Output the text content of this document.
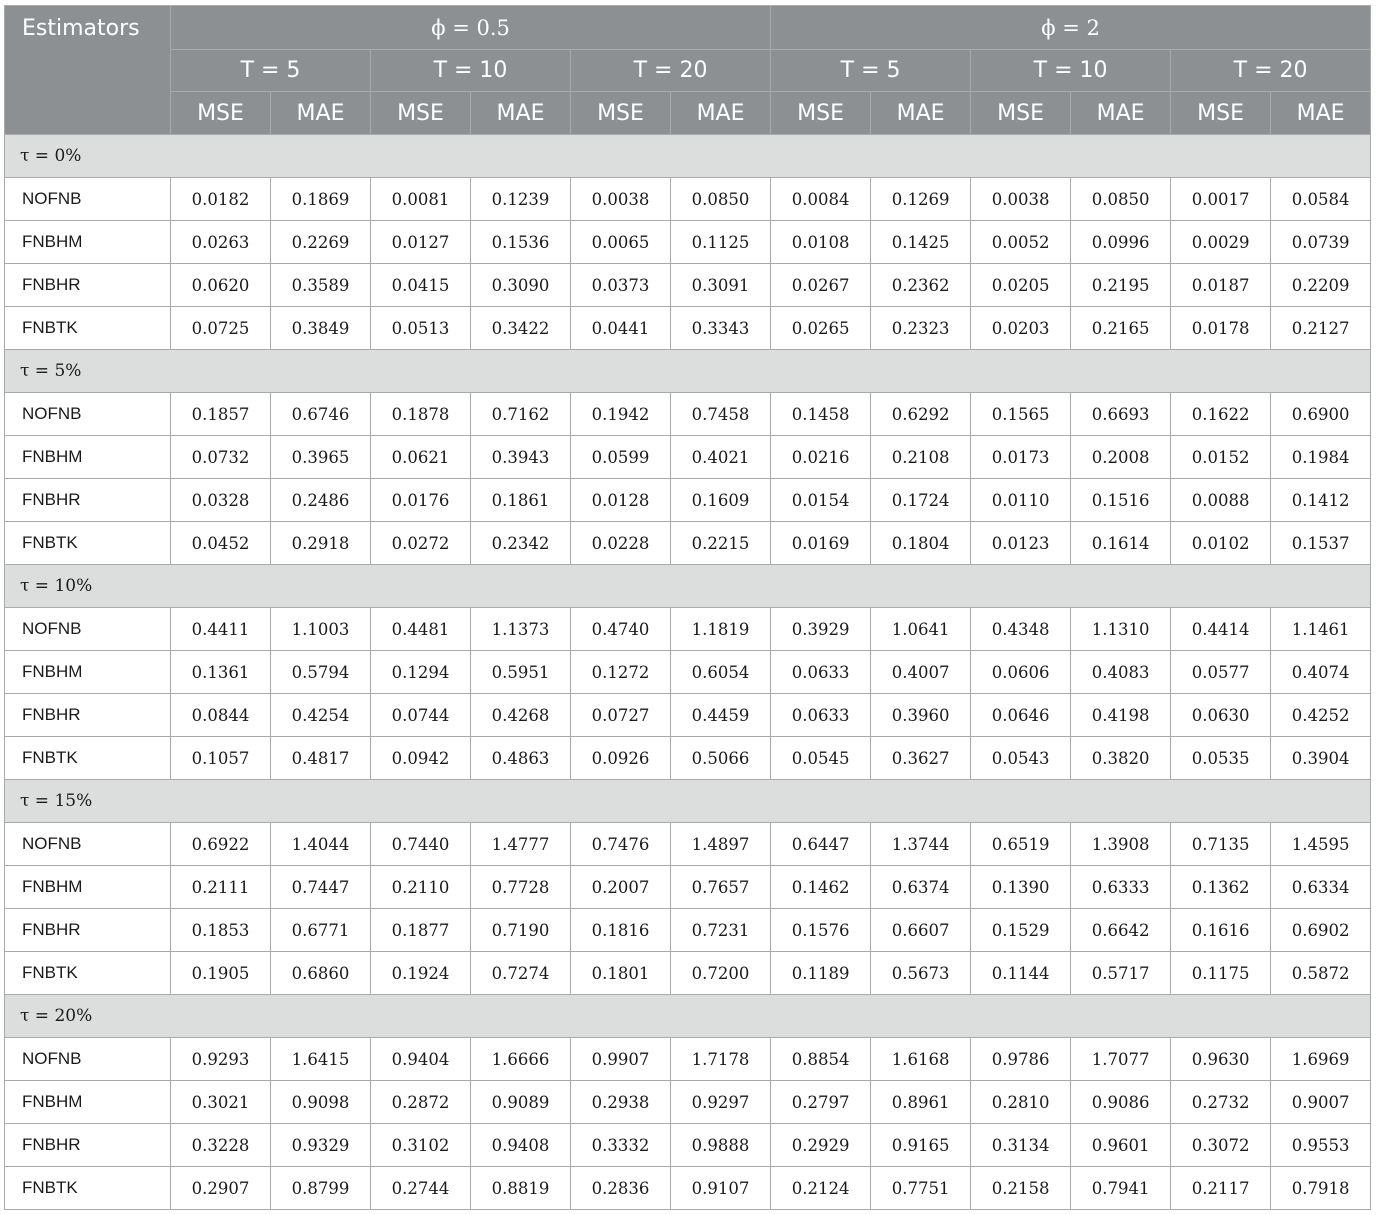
Estimators	ϕ = 0.5						ϕ = 2					
	T = 5		T = 10		T = 20		T = 5		T = 10		T = 20	
	MSE	MAE	MSE	MAE	MSE	MAE	MSE	MAE	MSE	MAE	MSE	MAE
τ = 0%												
NOFNB	0.0182	0.1869	0.0081	0.1239	0.0038	0.0850	0.0084	0.1269	0.0038	0.0850	0.0017	0.0584
FNBHM	0.0263	0.2269	0.0127	0.1536	0.0065	0.1125	0.0108	0.1425	0.0052	0.0996	0.0029	0.0739
FNBHR	0.0620	0.3589	0.0415	0.3090	0.0373	0.3091	0.0267	0.2362	0.0205	0.2195	0.0187	0.2209
FNBTK	0.0725	0.3849	0.0513	0.3422	0.0441	0.3343	0.0265	0.2323	0.0203	0.2165	0.0178	0.2127
τ = 5%												
NOFNB	0.1857	0.6746	0.1878	0.7162	0.1942	0.7458	0.1458	0.6292	0.1565	0.6693	0.1622	0.6900
FNBHM	0.0732	0.3965	0.0621	0.3943	0.0599	0.4021	0.0216	0.2108	0.0173	0.2008	0.0152	0.1984
FNBHR	0.0328	0.2486	0.0176	0.1861	0.0128	0.1609	0.0154	0.1724	0.0110	0.1516	0.0088	0.1412
FNBTK	0.0452	0.2918	0.0272	0.2342	0.0228	0.2215	0.0169	0.1804	0.0123	0.1614	0.0102	0.1537
τ = 10%												
NOFNB	0.4411	1.1003	0.4481	1.1373	0.4740	1.1819	0.3929	1.0641	0.4348	1.1310	0.4414	1.1461
FNBHM	0.1361	0.5794	0.1294	0.5951	0.1272	0.6054	0.0633	0.4007	0.0606	0.4083	0.0577	0.4074
FNBHR	0.0844	0.4254	0.0744	0.4268	0.0727	0.4459	0.0633	0.3960	0.0646	0.4198	0.0630	0.4252
FNBTK	0.1057	0.4817	0.0942	0.4863	0.0926	0.5066	0.0545	0.3627	0.0543	0.3820	0.0535	0.3904
τ = 15%												
NOFNB	0.6922	1.4044	0.7440	1.4777	0.7476	1.4897	0.6447	1.3744	0.6519	1.3908	0.7135	1.4595
FNBHM	0.2111	0.7447	0.2110	0.7728	0.2007	0.7657	0.1462	0.6374	0.1390	0.6333	0.1362	0.6334
FNBHR	0.1853	0.6771	0.1877	0.7190	0.1816	0.7231	0.1576	0.6607	0.1529	0.6642	0.1616	0.6902
FNBTK	0.1905	0.6860	0.1924	0.7274	0.1801	0.7200	0.1189	0.5673	0.1144	0.5717	0.1175	0.5872
τ = 20%												
NOFNB	0.9293	1.6415	0.9404	1.6666	0.9907	1.7178	0.8854	1.6168	0.9786	1.7077	0.9630	1.6969
FNBHM	0.3021	0.9098	0.2872	0.9089	0.2938	0.9297	0.2797	0.8961	0.2810	0.9086	0.2732	0.9007
FNBHR	0.3228	0.9329	0.3102	0.9408	0.3332	0.9888	0.2929	0.9165	0.3134	0.9601	0.3072	0.9553
FNBTK	0.2907	0.8799	0.2744	0.8819	0.2836	0.9107	0.2124	0.7751	0.2158	0.7941	0.2117	0.7918
